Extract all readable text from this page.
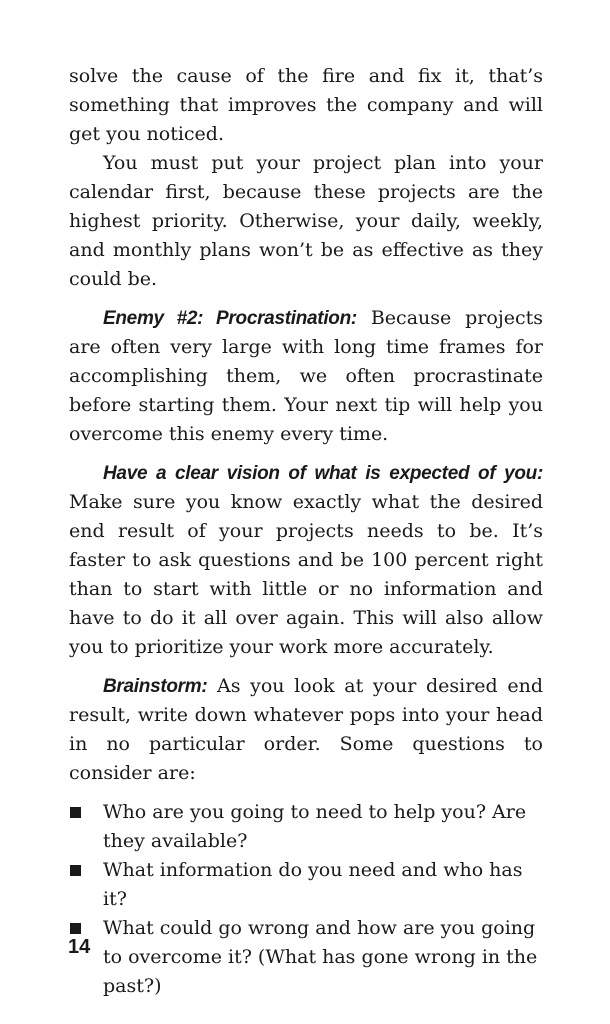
solve the cause of the fire and fix it, that’s something that improves the company and will get you noticed.

You must put your project plan into your calendar first, because these projects are the highest priority. Otherwise, your daily, weekly, and monthly plans won’t be as effective as they could be.

Enemy #2: Procrastination: Because projects are often very large with long time frames for accomplishing them, we often procrastinate before starting them. Your next tip will help you overcome this enemy every time.

Have a clear vision of what is expected of you: Make sure you know exactly what the desired end result of your projects needs to be. It’s faster to ask questions and be 100 percent right than to start with little or no information and have to do it all over again. This will also allow you to prioritize your work more accurately.

Brainstorm: As you look at your desired end result, write down whatever pops into your head in no particular order. Some questions to consider are:

Who are you going to need to help you? Are they available?
What information do you need and who has it?
What could go wrong and how are you going to overcome it? (What has gone wrong in the past?)
14
